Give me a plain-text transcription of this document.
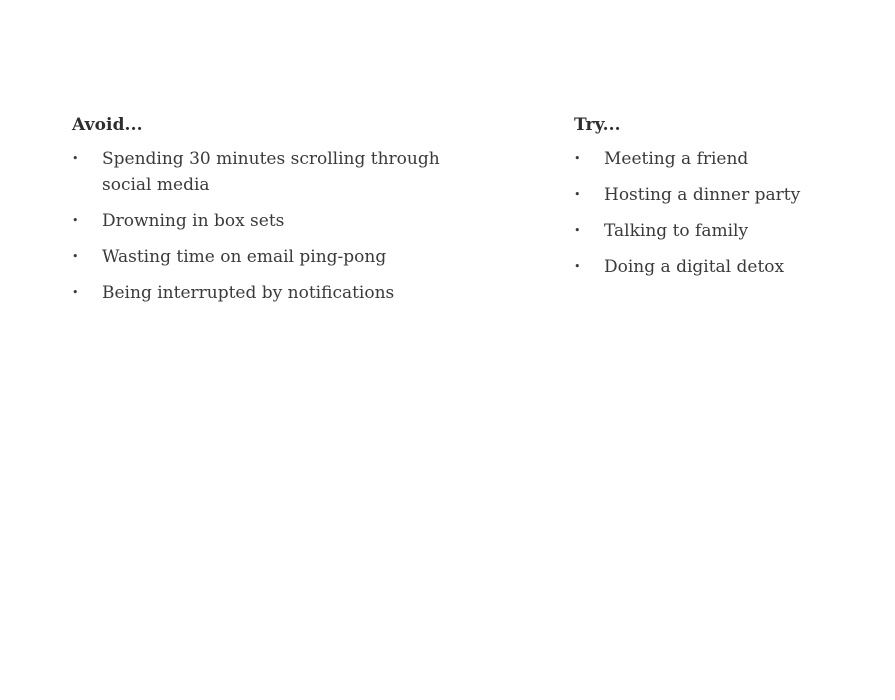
Avoid...
• Spending 30 minutes scrolling through social media
• Drowning in box sets
• Wasting time on email ping-pong
• Being interrupted by notifications
Try...
• Meeting a friend
• Hosting a dinner party
• Talking to family
• Doing a digital detox
